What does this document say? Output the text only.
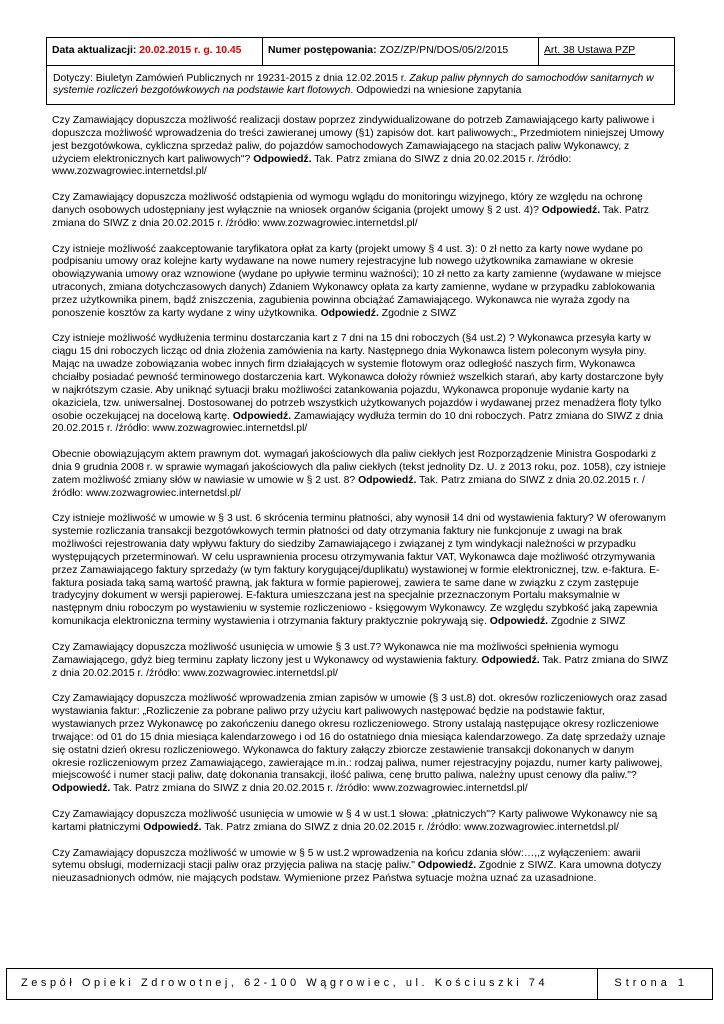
Data aktualizacji: 20.02.2015 r. g. 10.45	Numer postępowania: ZOZ/ZP/PN/DOS/05/2/2015	Art. 38 Ustawa PZP
Dotyczy: Biuletyn Zamówień Publicznych nr 19231-2015 z dnia 12.02.2015 r. Zakup paliw płynnych do samochodów sanitarnych w systemie rozliczeń bezgotówkowych na podstawie kart flotowych. Odpowiedzi na wniesione zapytania

Czy Zamawiający dopuszcza możliwość realizacji dostaw poprzez zindywidualizowane do potrzeb Zamawiającego karty paliwowe i dopuszcza możliwość wprowadzenia do treści zawieranej umowy (§1) zapisów dot. kart paliwowych:„ Przedmiotem niniejszej Umowy jest bezgotówkowa, cykliczna sprzedaż paliw, do pojazdów samochodowych Zamawiającego na stacjach paliw Wykonawcy, z użyciem elektronicznych kart paliwowych"? Odpowiedź. Tak. Patrz zmiana do SIWZ z dnia 20.02.2015 r. /źródło: www.zozwagrowiec.internetdsl.pl/

Czy Zamawiający dopuszcza możliwość odstąpienia od wymogu wglądu do monitoringu wizyjnego, który ze względu na ochronę danych osobowych udostępniany jest wyłącznie na wniosek organów ścigania (projekt umowy § 2 ust. 4)? Odpowiedź. Tak. Patrz zmiana do SIWZ z dnia 20.02.2015 r. /źródło: www.zozwagrowiec.internetdsl.pl/

Czy istnieje możliwość zaakceptowanie taryfikatora opłat za karty (projekt umowy § 4 ust. 3): 0 zł netto za karty nowe wydane po podpisaniu umowy oraz kolejne karty wydawane na nowe numery rejestracyjne lub nowego użytkownika zamawiane w okresie obowiązywania umowy oraz wznowione (wydane po upływie terminu ważności); 10 zł netto za karty zamienne (wydawane w miejsce utraconych, zmiana dotychczasowych danych) Zdaniem Wykonawcy opłata za karty zamienne, wydane w przypadku zablokowania przez użytkownika pinem, bądź zniszczenia, zagubienia powinna obciążać Zamawiającego. Wykonawca nie wyraża zgody na ponoszenie kosztów za karty wydane z winy użytkownika. Odpowiedź. Zgodnie z SIWZ

Czy istnieje możliwość wydłużenia terminu dostarczania kart z 7 dni na 15 dni roboczych (§4 ust.2) ? Wykonawca przesyła karty w ciągu 15 dni roboczych licząc od dnia złożenia zamówienia na karty. Następnego dnia Wykonawca listem poleconym wysyła piny. Mając na uwadze zobowiązania wobec innych firm działających w systemie flotowym oraz odległość naszych firm, Wykonawca chciałby posiadać pewność terminowego dostarczenia kart. Wykonawca dołoży również wszelkich starań, aby karty dostarczone były w najkrótszym czasie. Aby uniknąć sytuacji braku możliwości zatankowania pojazdu, Wykonawca proponuje wydanie karty na okaziciela, tzw. uniwersalnej. Dostosowanej do potrzeb wszystkich użytkowanych pojazdów i wydawanej przez menadżera floty tylko osobie oczekującej na docelową kartę. Odpowiedź. Zamawiający wydłuża termin do 10 dni roboczych. Patrz zmiana do SIWZ z dnia 20.02.2015 r. /źródło: www.zozwagrowiec.internetdsl.pl/

Obecnie obowiązującym aktem prawnym dot. wymagań jakościowych dla paliw ciekłych jest Rozporządzenie Ministra Gospodarki z dnia 9 grudnia 2008 r. w sprawie wymagań jakościowych dla paliw ciekłych (tekst jednolity Dz. U. z 2013 roku, poz. 1058), czy istnieje zatem możliwość zmiany słów w nawiasie w umowie w § 2 ust. 8? Odpowiedź. Tak. Patrz zmiana do SIWZ z dnia 20.02.2015 r. /źródło: www.zozwagrowiec.internetdsl.pl/

Czy istnieje możliwość w umowie w § 3 ust. 6 skrócenia terminu płatności, aby wynosił 14 dni od wystawienia faktury? W oferowanym systemie rozliczania transakcji bezgotówkowych termin płatności od daty otrzymania faktury nie funkcjonuje z uwagi na brak możliwości rejestrowania daty wpływu faktury do siedziby Zamawiającego i związanej z tym windykacji należności w przypadku występujących przeterminowań. W celu usprawnienia procesu otrzymywania faktur VAT, Wykonawca daje możliwość otrzymywania przez Zamawiającego faktury sprzedaży (w tym faktury korygującej/duplikatu) wystawionej w formie elektronicznej, tzw. e-faktura. E-faktura posiada taką samą wartość prawną, jak faktura w formie papierowej, zawiera te same dane w związku z czym zastępuje tradycyjny dokument w wersji papierowej. E-faktura umieszczana jest na specjalnie przeznaczonym Portalu maksymalnie w następnym dniu roboczym po wystawieniu w systemie rozliczeniowo - księgowym Wykonawcy. Ze względu szybkość jaką zapewnia komunikacja elektroniczna terminy wystawienia i otrzymania faktury praktycznie pokrywają się. Odpowiedź. Zgodnie z SIWZ

Czy Zamawiający dopuszcza możliwość usunięcia w umowie § 3 ust.7? Wykonawca nie ma możliwości spełnienia wymogu Zamawiającego, gdyż bieg terminu zapłaty liczony jest u Wykonawcy od wystawienia faktury. Odpowiedź. Tak. Patrz zmiana do SIWZ z dnia 20.02.2015 r. /źródło: www.zozwagrowiec.internetdsl.pl/

Czy Zamawiający dopuszcza możliwość wprowadzenia zmian zapisów w umowie (§ 3 ust.8) dot. okresów rozliczeniowych oraz zasad wystawiania faktur: „Rozliczenie za pobrane paliwo przy użyciu kart paliwowych następować będzie na podstawie faktur, wystawianych przez Wykonawcę po zakończeniu danego okresu rozliczeniowego. Strony ustalają następujące okresy rozliczeniowe trwające: od 01 do 15 dnia miesiąca kalendarzowego i od 16 do ostatniego dnia miesiąca kalendarzowego. Za datę sprzedaży uznaje się ostatni dzień okresu rozliczeniowego. Wykonawca do faktury załączy zbiorcze zestawienie transakcji dokonanych w danym okresie rozliczeniowym przez Zamawiającego, zawierające m.in.: rodzaj paliwa, numer rejestracyjny pojazdu, numer karty paliwowej, miejscowość i numer stacji paliw, datę dokonania transakcji, ilość paliwa, cenę brutto paliwa, należny upust cenowy dla paliw."? Odpowiedź. Tak. Patrz zmiana do SIWZ z dnia 20.02.2015 r. /źródło: www.zozwagrowiec.internetdsl.pl/

Czy Zamawiający dopuszcza możliwość usunięcia w umowie w § 4 w ust.1 słowa: „płatniczych"? Karty paliwowe Wykonawcy nie są kartami płatniczymi Odpowiedź. Tak. Patrz zmiana do SIWZ z dnia 20.02.2015 r. /źródło: www.zozwagrowiec.internetdsl.pl/

Czy Zamawiający dopuszcza możliwość w umowie w § 5 w ust.2 wprowadzenia na końcu zdania słów:…,,z wyłączeniem: awarii sytemu obsługi, modernizacji stacji paliw oraz przyjęcia paliwa na stację paliw." Odpowiedź. Zgodnie z SIWZ. Kara umowna dotyczy nieuzasadnionych odmów, nie mających podstaw. Wymienione przez Państwa sytuacje można uznać za uzasadnione.

Zespół Opieki Zdrowotnej, 62-100 Wągrowiec, ul. Kościuszki 74	Strona 1
